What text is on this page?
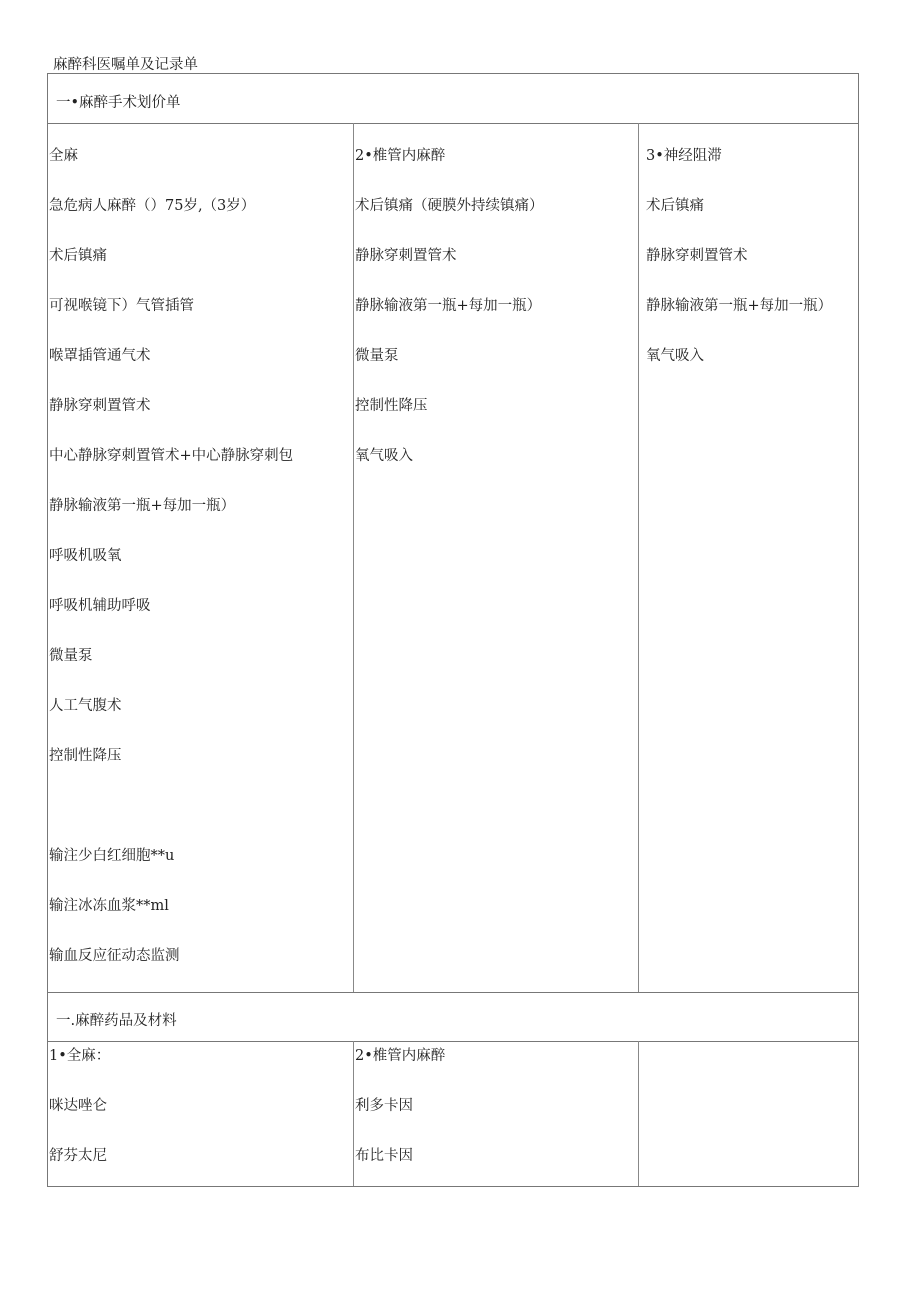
麻醉科医嘱单及记录单
一•麻醉手术划价单
全麻
急危病人麻醉（）75岁,（3岁）
术后镇痛
可视喉镜下）气管插管
喉罩插管通气术
静脉穿刺置管术
中心静脉穿刺置管术+中心静脉穿刺包
静脉输液第一瓶+每加一瓶）
呼吸机吸氧
呼吸机辅助呼吸
微量泵
人工气腹术
控制性降压
输注少白红细胞**u
输注冰冻血浆**ml
输血反应征动态监测
2•椎管内麻醉
术后镇痛（硬膜外持续镇痛）
静脉穿刺置管术
静脉输液第一瓶+每加一瓶）
微量泵
控制性降压
氧气吸入
3•神经阻滞
术后镇痛
静脉穿刺置管术
静脉输液第一瓶+每加一瓶）
氧气吸入
一.麻醉药品及材料
1•全麻：
咪达唑仑
舒芬太尼
2•椎管内麻醉
利多卡因
布比卡因
